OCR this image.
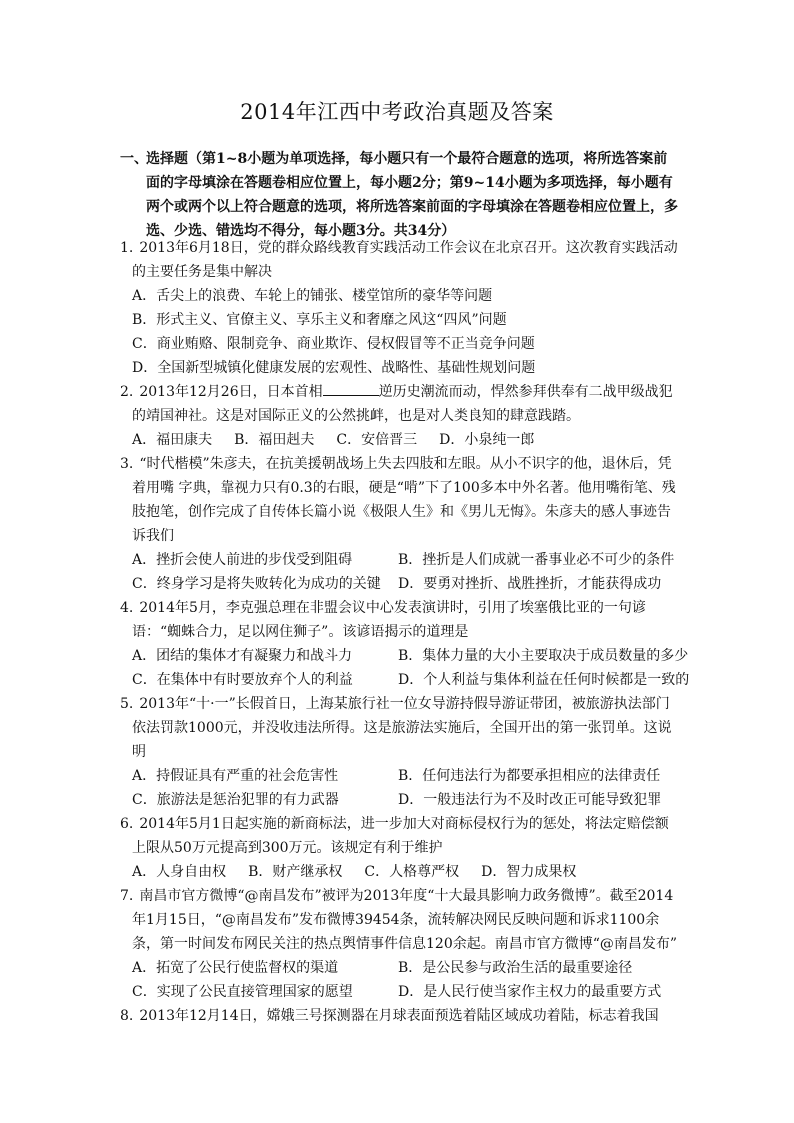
2014年江西中考政治真题及答案
一、
选择题（第1~8小题为单项选择，每小题只有一个最符合题意的选项，将所选答案前面的字母填涂在答题卷相应位置上，每小题2分；第9~14小题为多项选择，每小题有两个或两个以上符合题意的选项，将所选答案前面的字母填涂在答题卷相应位置上，多选、少选、错选均不得分，每小题3分。共34分）
1. 2013年6月18日，党的群众路线教育实践活动工作会议在北京召开。这次教育实践活动的主要任务是集中解决
A．舌尖上的浪费、车轮上的铺张、楼堂馆所的豪华等问题
B．形式主义、官僚主义、享乐主义和奢靡之风这“四风”问题
C．商业贿赂、限制竞争、商业欺诈、侵权假冒等不正当竞争问题
D．全国新型城镇化健康发展的宏观性、战略性、基础性规划问题
2. 2013年12月26日，日本首相	逆历史潮流而动，悍然参拜供奉有二战甲级战犯的靖国神社。这是对国际正义的公然挑衅，也是对人类良知的肆意践踏。
A．福田康夫 B．福田赳夫 C．安倍晋三 D．小泉纯一郎
3. “时代楷模”朱彦夫，在抗美援朝战场上失去四肢和左眼。从小不识字的他，退休后，凭着用嘴 字典，靠视力只有0.3的右眼，硬是“啃”下了100多本中外名著。他用嘴衔笔、残肢抱笔，创作完成了自传体长篇小说《极限人生》和《男儿无悔》。朱彦夫的感人事迹告诉我们
A．挫折会使人前进的步伐受到阻碍	B．挫折是人们成就一番事业必不可少的条件
C．终身学习是将失败转化为成功的关键	D．要勇对挫折、战胜挫折，才能获得成功
4. 2014年5月，李克强总理在非盟会议中心发表演讲时，引用了埃塞俄比亚的一句谚语：“蜘蛛合力，足以网住狮子”。该谚语揭示的道理是
A．团结的集体才有凝聚力和战斗力	B．集体力量的大小主要取决于成员数量的多少
C．在集体中有时要放弃个人的利益	D．个人利益与集体利益在任何时候都是一致的
5. 2013年“十·一”长假首日，上海某旅行社一位女导游持假导游证带团，被旅游执法部门依法罚款1000元，并没收违法所得。这是旅游法实施后，全国开出的第一张罚单。这说明
A．持假证具有严重的社会危害性	B．任何违法行为都要承担相应的法律责任
C．旅游法是惩治犯罪的有力武器	D．一般违法行为不及时改正可能导致犯罪
6. 2014年5月1日起实施的新商标法，进一步加大对商标侵权行为的惩处，将法定赔偿额上限从50万元提高到300万元。该规定有利于维护
A．人身自由权 B．财产继承权 C．人格尊严权 D．智力成果权
7. 南昌市官方微博“@南昌发布”被评为2013年度“十大最具影响力政务微博”。截至2014年1月15日，“@南昌发布”发布微博39454条，流转解决网民反映问题和诉求1100余条，第一时间发布网民关注的热点舆情事件信息120余起。南昌市官方微博“@南昌发布”
A．拓宽了公民行使监督权的渠道	B．是公民参与政治生活的最重要途径
C．实现了公民直接管理国家的愿望	D．是人民行使当家作主权力的最重要方式
8. 2013年12月14日，嫦娥三号探测器在月球表面预选着陆区域成功着陆，标志着我国
